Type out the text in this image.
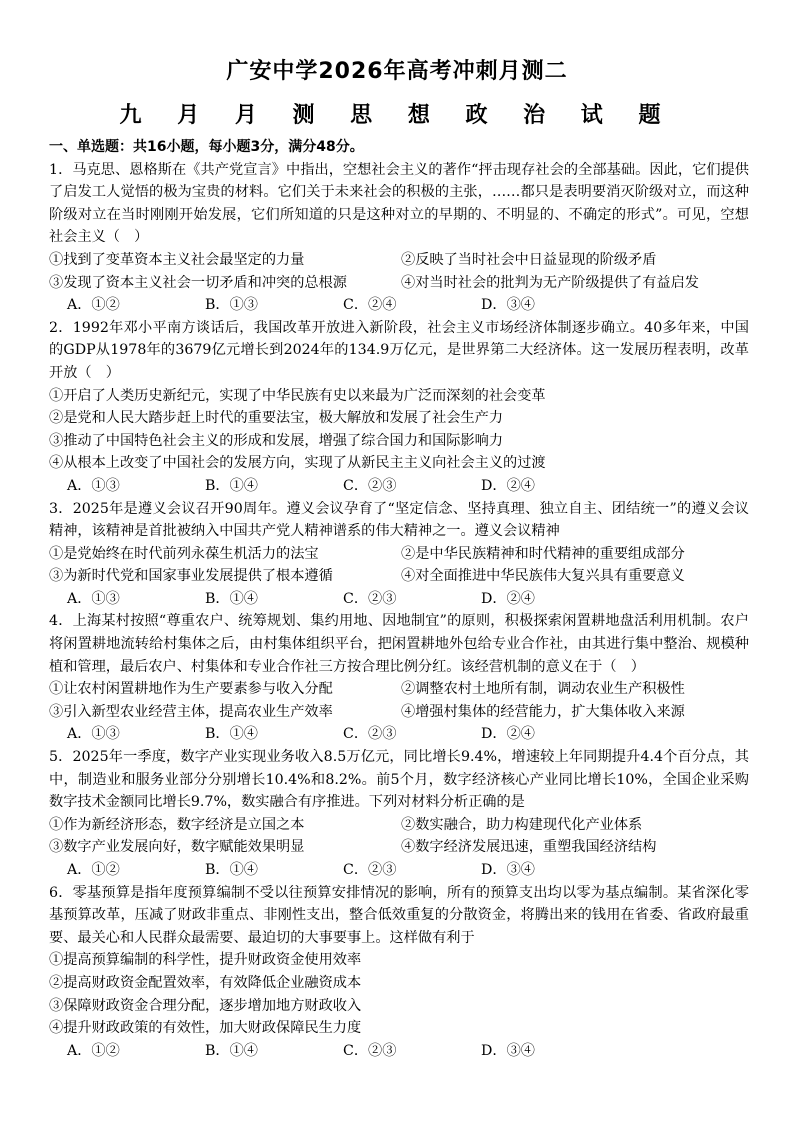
广安中学2026年高考冲刺月测二
九 月 月 测 思 想 政 治 试 题
一、单选题：共16小题，每小题3分，满分48分。
1．马克思、恩格斯在《共产党宣言》中指出，空想社会主义的著作“抨击现存社会的全部基础。因此，它们提供了启发工人觉悟的极为宝贵的材料。它们关于未来社会的积极的主张，……都只是表明要消灭阶级对立，而这种阶级对立在当时刚刚开始发展，它们所知道的只是这种对立的早期的、不明显的、不确定的形式”。可见，空想社会主义（　）
①找到了变革资本主义社会最坚定的力量	②反映了当时社会中日益显现的阶级矛盾
③发现了资本主义社会一切矛盾和冲突的总根源	④对当时社会的批判为无产阶级提供了有益启发
A．①②	B．①③	C．②④	D．③④
2．1992年邓小平南方谈话后，我国改革开放进入新阶段，社会主义市场经济体制逐步确立。40多年来，中国的GDP从1978年的3679亿元增长到2024年的134.9万亿元，是世界第二大经济体。这一发展历程表明，改革开放（　）
①开启了人类历史新纪元，实现了中华民族有史以来最为广泛而深刻的社会变革
②是党和人民大踏步赶上时代的重要法宝，极大解放和发展了社会生产力
③推动了中国特色社会主义的形成和发展，增强了综合国力和国际影响力
④从根本上改变了中国社会的发展方向，实现了从新民主主义向社会主义的过渡
A．①③	B．①④	C．②③	D．②④
3．2025年是遵义会议召开90周年。遵义会议孕育了“坚定信念、坚持真理、独立自主、团结统一”的遵义会议精神，该精神是首批被纳入中国共产党人精神谱系的伟大精神之一。遵义会议精神
①是党始终在时代前列永葆生机活力的法宝	②是中华民族精神和时代精神的重要组成部分
③为新时代党和国家事业发展提供了根本遵循	④对全面推进中华民族伟大复兴具有重要意义
A．①③	B．①④	C．②③	D．②④
4．上海某村按照“尊重农户、统筹规划、集约用地、因地制宜”的原则，积极探索闲置耕地盘活利用机制。农户将闲置耕地流转给村集体之后，由村集体组织平台，把闲置耕地外包给专业合作社，由其进行集中整治、规模种植和管理，最后农户、村集体和专业合作社三方按合理比例分红。该经营机制的意义在于（　）
①让农村闲置耕地作为生产要素参与收入分配	②调整农村土地所有制，调动农业生产积极性
③引入新型农业经营主体，提高农业生产效率	④增强村集体的经营能力，扩大集体收入来源
A．①③	B．①④	C．②③	D．②④
5．2025年一季度，数字产业实现业务收入8.5万亿元，同比增长9.4%，增速较上年同期提升4.4个百分点，其中，制造业和服务业部分分别增长10.4%和8.2%。前5个月，数字经济核心产业同比增长10%，全国企业采购数字技术金额同比增长9.7%，数实融合有序推进。下列对材料分析正确的是
①作为新经济形态，数字经济是立国之本	②数实融合，助力构建现代化产业体系
③数字产业发展向好，数字赋能效果明显	④数字经济发展迅速，重塑我国经济结构
A．①②	B．①④	C．②③	D．③④
6．零基预算是指年度预算编制不受以往预算安排情况的影响，所有的预算支出均以零为基点编制。某省深化零基预算改革，压减了财政非重点、非刚性支出，整合低效重复的分散资金，将腾出来的钱用在省委、省政府最重要、最关心和人民群众最需要、最迫切的大事要事上。这样做有利于
①提高预算编制的科学性，提升财政资金使用效率
②提高财政资金配置效率，有效降低企业融资成本
③保障财政资金合理分配，逐步增加地方财政收入
④提升财政政策的有效性，加大财政保障民生力度
A．①②	B．①④	C．②③	D．③④
